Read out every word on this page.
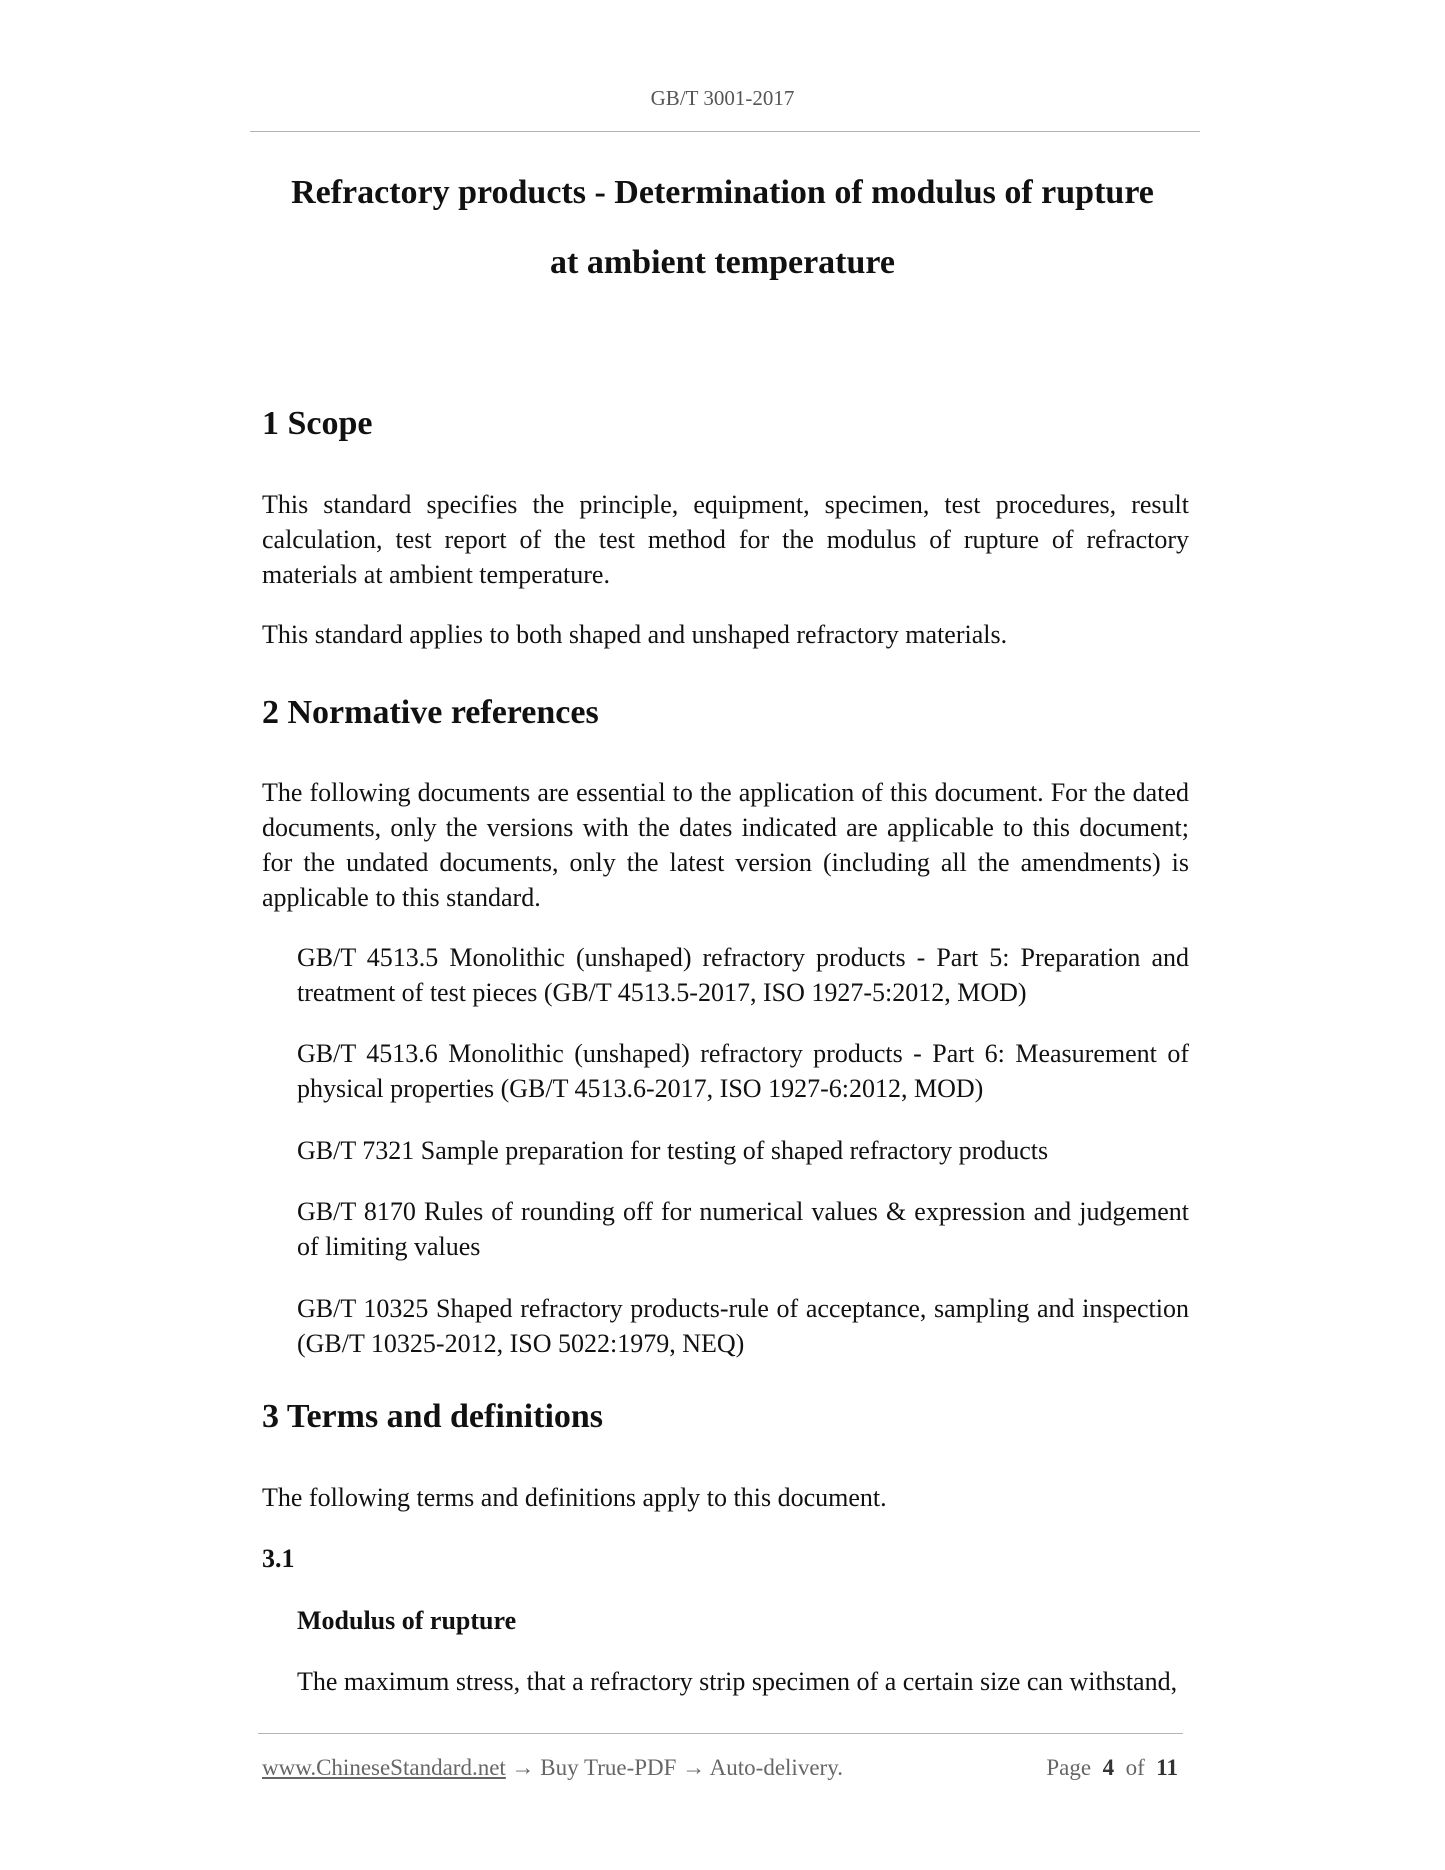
GB/T 3001-2017
Refractory products - Determination of modulus of rupture
at ambient temperature
1 Scope

This standard specifies the principle, equipment, specimen, test procedures, result calculation, test report of the test method for the modulus of rupture of refractory materials at ambient temperature.

This standard applies to both shaped and unshaped refractory materials.

2 Normative references

The following documents are essential to the application of this document. For the dated documents, only the versions with the dates indicated are applicable to this document; for the undated documents, only the latest version (including all the amendments) is applicable to this standard.

GB/T 4513.5 Monolithic (unshaped) refractory products - Part 5: Preparation and treatment of test pieces (GB/T 4513.5-2017, ISO 1927-5:2012, MOD)

GB/T 4513.6 Monolithic (unshaped) refractory products - Part 6: Measurement of physical properties (GB/T 4513.6-2017, ISO 1927-6:2012, MOD)

GB/T 7321 Sample preparation for testing of shaped refractory products

GB/T 8170 Rules of rounding off for numerical values & expression and judgement of limiting values

GB/T 10325 Shaped refractory products-rule of acceptance, sampling and inspection (GB/T 10325-2012, ISO 5022:1979, NEQ)

3 Terms and definitions

The following terms and definitions apply to this document.

3.1

Modulus of rupture

The maximum stress, that a refractory strip specimen of a certain size can withstand,

www.ChineseStandard.net → Buy True-PDF → Auto-delivery.	Page 4 of 11
